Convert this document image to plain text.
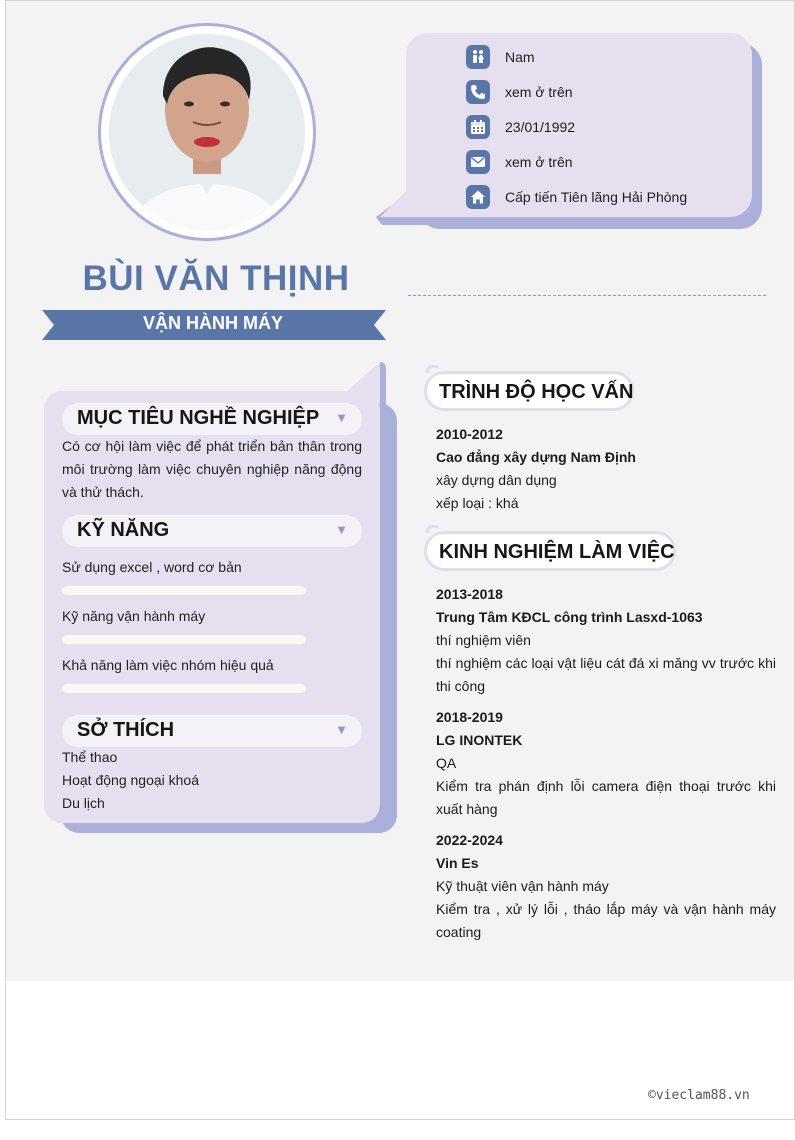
Nam
xem ở trên
23/01/1992
xem ở trên
Cấp tiến Tiên lãng Hải Phòng
BÙI VĂN THỊNH
VẬN HÀNH MÁY
MỤC TIÊU NGHỀ NGHIỆP ▼
Có cơ hội làm việc để phát triển bản thân trong môi trường làm việc chuyên nghiệp năng động và thử thách.
KỸ NĂNG	▼
Sử dụng excel , word cơ bản
Kỹ năng vận hành máy
Khả năng làm việc nhóm hiệu quả
SỞ THÍCH	▼
Thể thao
Hoạt động ngoại khoá
Du lịch
TRÌNH ĐỘ HỌC VẤN
2010-2012
Cao đẳng xây dựng Nam Định
xây dựng dân dụng
xếp loại : khá
KINH NGHIỆM LÀM VIỆC
2013-2018
Trung Tâm KĐCL công trình Lasxd-1063
thí nghiệm viên
thí nghiệm các loại vật liệu cát đá xi măng vv trước khi thi công
2018-2019
LG INONTEK
QA
Kiểm tra phán định lỗi camera điện thoại trước khi xuất hàng
2022-2024
Vin Es
Kỹ thuật viên vận hành máy
Kiểm tra , xử lý lỗi , tháo lắp máy và vận hành máy coating
©vieclam88.vn
